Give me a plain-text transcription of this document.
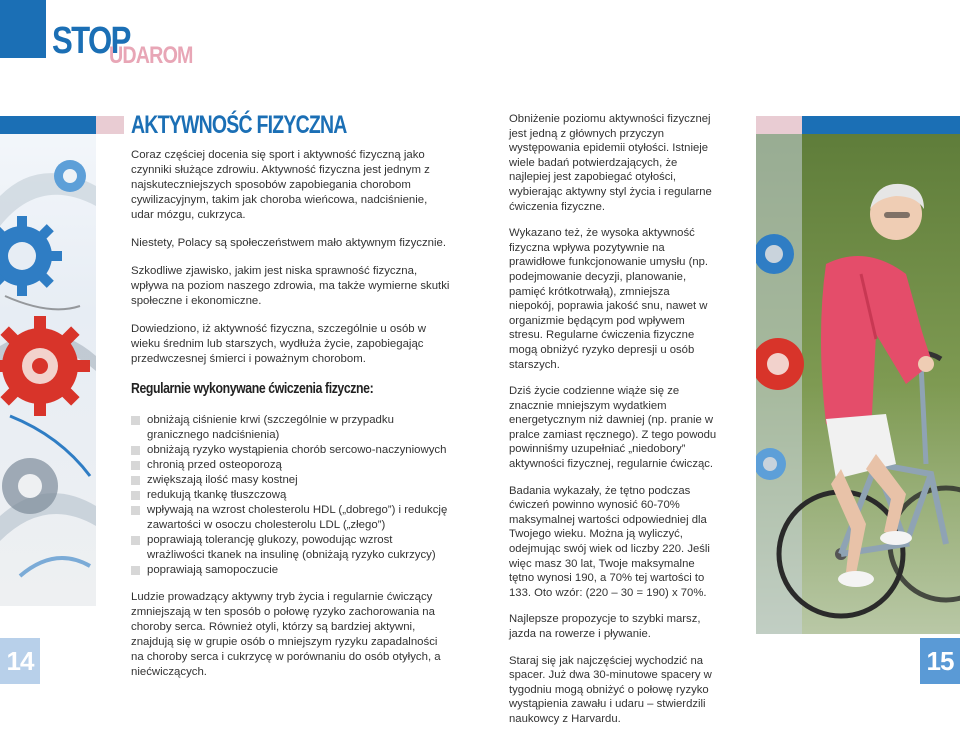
STOP
UDAROM
14	15
AKTYWNOŚĆ FIZYCZNA

Coraz częściej docenia się sport i aktywność fizyczną jako czynniki służące zdrowiu. Aktywność fizyczna jest jednym z najskuteczniejszych sposobów zapobiegania chorobom cywilizacyjnym, takim jak choroba wieńcowa, nadciśnienie, udar mózgu, cukrzyca.

Niestety, Polacy są społeczeństwem mało aktywnym fizycznie.

Szkodliwe zjawisko, jakim jest niska sprawność fizyczna, wpływa na poziom naszego zdrowia, ma także wymierne skutki społeczne i ekonomiczne.

Dowiedziono, iż aktywność fizyczna, szczególnie u osób w wieku średnim lub starszych, wydłuża życie, zapobiegając przedwczesnej śmierci i poważnym chorobom.

Regularnie wykonywane ćwiczenia fizyczne:
obniżają ciśnienie krwi (szczególnie w przypadku granicznego nadciśnienia)
obniżają ryzyko wystąpienia chorób sercowo-naczyniowych
chronią przed osteoporozą
zwiększają ilość masy kostnej
redukują tkankę tłuszczową
wpływają na wzrost cholesterolu HDL („dobrego”) i redukcję zawartości w osoczu cholesterolu LDL („złego”)
poprawiają tolerancję glukozy, powodując wzrost wrażliwości tkanek na insulinę (obniżają ryzyko cukrzycy)
poprawiają samopoczucie

Ludzie prowadzący aktywny tryb życia i regularnie ćwiczący zmniejszają w ten sposób o połowę ryzyko zachorowania na choroby serca. Również otyli, którzy są bardziej aktywni, znajdują się w grupie osób o mniejszym ryzyku zapadalności na choroby serca i cukrzycę w porównaniu do osób otyłych, a niećwiczących.

Obniżenie poziomu aktywności fizycznej jest jedną z głównych przyczyn występowania epidemii otyłości. Istnieje wiele badań potwierdzających, że najlepiej jest zapobiegać otyłości, wybierając aktywny styl życia i regularne ćwiczenia fizyczne.

Wykazano też, że wysoka aktywność fizyczna wpływa pozytywnie na prawidłowe funkcjonowanie umysłu (np. podejmowanie decyzji, planowanie, pamięć krótkotrwałą), zmniejsza niepokój, poprawia jakość snu, nawet w organizmie będącym pod wpływem stresu. Regularne ćwiczenia fizyczne mogą obniżyć ryzyko depresji u osób starszych.

Dziś życie codzienne wiąże się ze znacznie mniejszym wydatkiem energetycznym niż dawniej (np. pranie w pralce zamiast ręcznego). Z tego powodu powinniśmy uzupełniać „niedobory” aktywności fizycznej, regularnie ćwicząc.

Badania wykazały, że tętno podczas ćwiczeń powinno wynosić 60-70% maksymalnej wartości odpowiedniej dla Twojego wieku. Można ją wyliczyć, odejmując swój wiek od liczby 220. Jeśli więc masz 30 lat, Twoje maksymalne tętno wynosi 190, a 70% tej wartości to 133. Oto wzór: (220 – 30 = 190) x 70%.

Najlepsze propozycje to szybki marsz, jazda na rowerze i pływanie.

Staraj się jak najczęściej wychodzić na spacer. Już dwa 30-minutowe spacery w tygodniu mogą obniżyć o połowę ryzyko wystąpienia zawału i udaru – stwierdzili naukowcy z Harvardu.
